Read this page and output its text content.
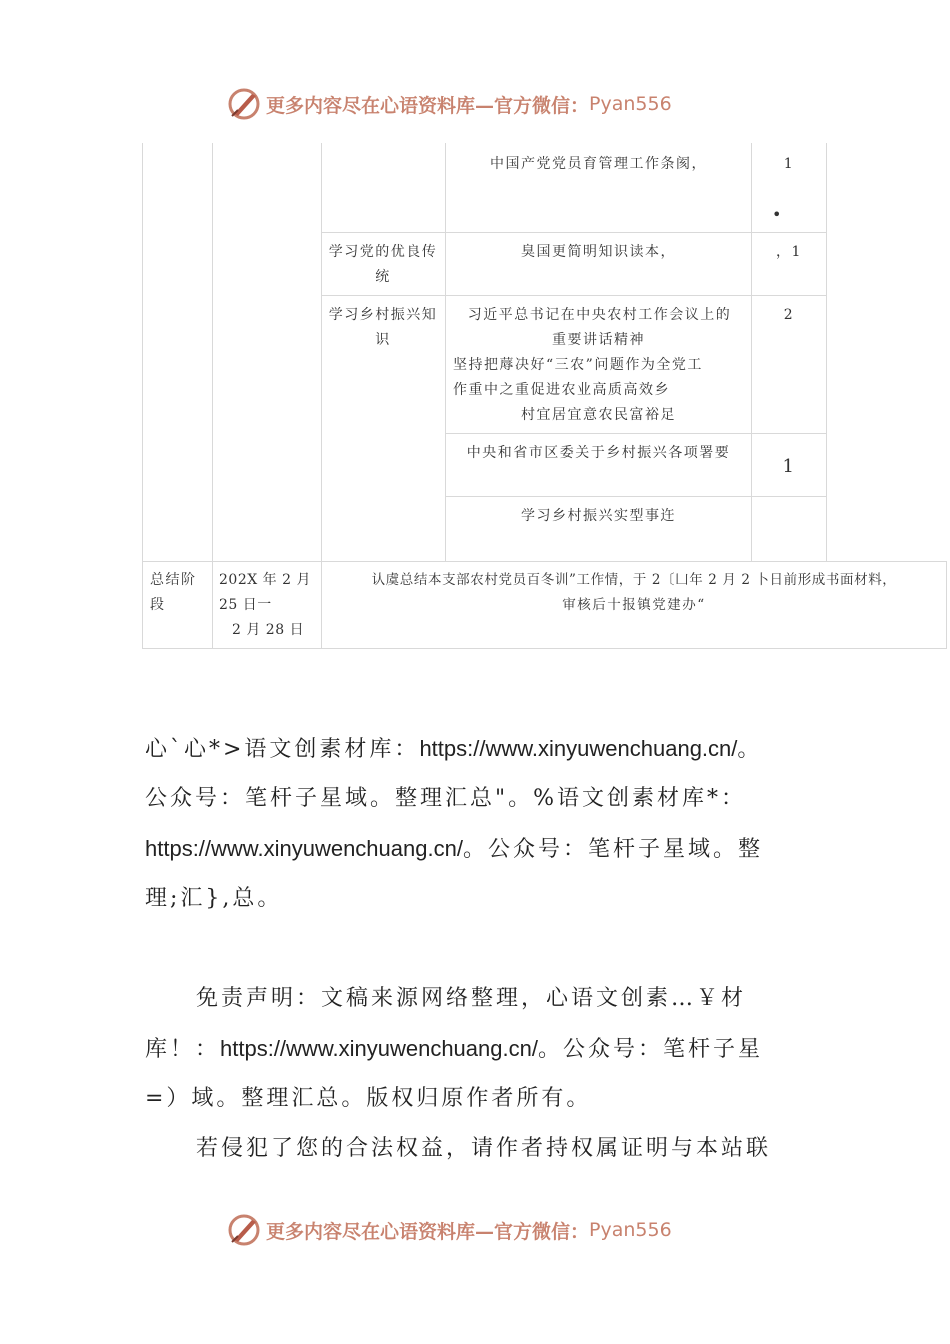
更多内容尽在心语资料库—官方微信： Pyan556
中国产党党员育管理工作条阂，	1
•
学习党的优良传统
臭国更简明知识读本，	，1
学习乡村振兴知识
习近平总书记在中央农村工作会议上的
重要讲话精神
坚持把蓐决好“三农”问题作为全党工
作重中之重促进农业高质高效乡
村宜居宜意农民富裕足
2
中央和省市区委关于乡村振兴各项署要
1
学习乡村振兴实型事迕
总结阶段
202X 年 2 月
25 日一
2 月 28 日
认虞总结本支部农村党员百冬训”工作情，于 2〔凵年 2 月 2 卜日前形成书面材料，
审核后十报镇党建办“
心`心*>语文创素材库：https://www.xinyuwenchuang.cn/。
公众号：笔杆子星域。整理汇总"。%语文创素材库*：
https://www.xinyuwenchuang.cn/。公众号：笔杆子星域。整
理;汇},总。
免责声明：文稿来源网络整理，心语文创素…￥材
库！：https://www.xinyuwenchuang.cn/。公众号：笔杆子星
=）域。整理汇总。版权归原作者所有。
若侵犯了您的合法权益，请作者持权属证明与本站联
更多内容尽在心语资料库—官方微信： Pyan556
